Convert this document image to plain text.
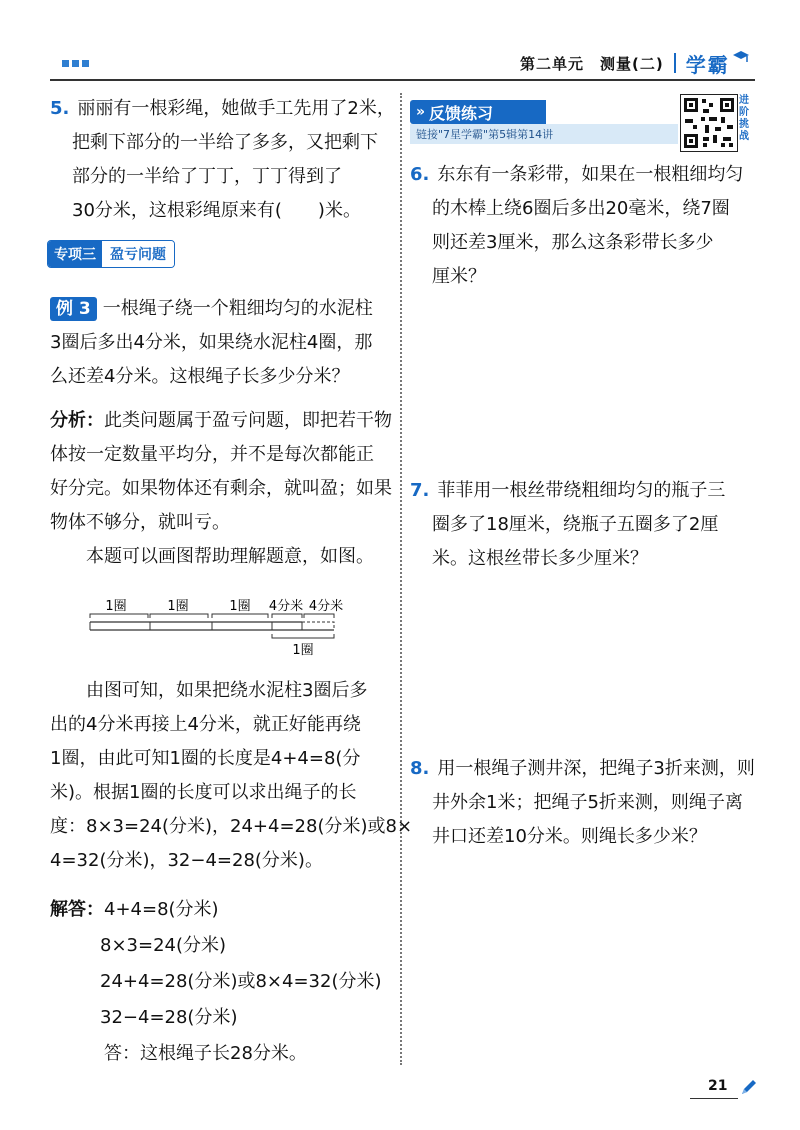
第二单元　测量(二) 学霸
5. 丽丽有一根彩绳，她做手工先用了2米，
把剩下部分的一半给了多多，又把剩下
部分的一半给了丁丁，丁丁得到了
30分米，这根彩绳原来有(　　)米。
专项三	盈亏问题
例 3 一根绳子绕一个粗细均匀的水泥柱
3圈后多出4分米，如果绕水泥柱4圈，那
么还差4分米。这根绳子长多少分米？
分析：此类问题属于盈亏问题，即把若干物
体按一定数量平均分，并不是每次都能正
好分完。如果物体还有剩余，就叫盈；如果
物体不够分，就叫亏。
本题可以画图帮助理解题意，如图。
1圈	1圈	1圈 4分米 4分米
1圈
由图可知，如果把绕水泥柱3圈后多
出的4分米再接上4分米，就正好能再绕
1圈，由此可知1圈的长度是4+4=8(分
米)。根据1圈的长度可以求出绳子的长
度：8×3=24(分米)，24+4=28(分米)或8×
4=32(分米)，32−4=28(分米)。
解答：4+4=8(分米)
8×3=24(分米)
24+4=28(分米)或8×4=32(分米)
32−4=28(分米)
答：这根绳子长28分米。
» 反馈练习
链接"7星学霸"第5辑第14讲
进阶挑战
6. 东东有一条彩带，如果在一根粗细均匀
的木棒上绕6圈后多出20毫米，绕7圈
则还差3厘米，那么这条彩带长多少
厘米？
7. 菲菲用一根丝带绕粗细均匀的瓶子三
圈多了18厘米，绕瓶子五圈多了2厘
米。这根丝带长多少厘米？
8. 用一根绳子测井深，把绳子3折来测，则
井外余1米；把绳子5折来测，则绳子离
井口还差10分米。则绳长多少米？
21
